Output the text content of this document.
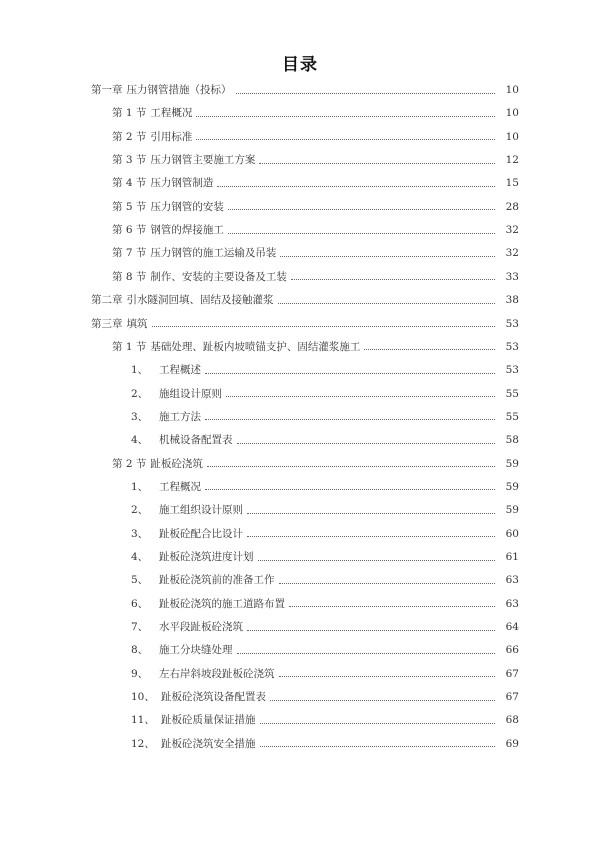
目录
第一章 压力钢管措施（投标）	10
第 1 节 工程概况	10
第 2 节 引用标准	10
第 3 节 压力钢管主要施工方案	12
第 4 节 压力钢管制造	15
第 5 节 压力钢管的安装	28
第 6 节 钢管的焊接施工	32
第 7 节 压力钢管的施工运输及吊装	32
第 8 节 制作、安装的主要设备及工装	33
第二章 引水隧洞回填、固结及接触灌浆	38
第三章 填筑	53
第 1 节 基础处理、趾板内坡喷锚支护、固结灌浆施工	53
1、 工程概述	53
2、 施组设计原则	55
3、 施工方法	55
4、 机械设备配置表	58
第 2 节 趾板砼浇筑	59
1、 工程概况	59
2、 施工组织设计原则	59
3、 趾板砼配合比设计	60
4、 趾板砼浇筑进度计划	61
5、 趾板砼浇筑前的准备工作	63
6、 趾板砼浇筑的施工道路布置	63
7、 水平段趾板砼浇筑	64
8、 施工分块缝处理	66
9、 左右岸斜坡段趾板砼浇筑	67
10、 趾板砼浇筑设备配置表	67
11、 趾板砼质量保证措施	68
12、 趾板砼浇筑安全措施	69
